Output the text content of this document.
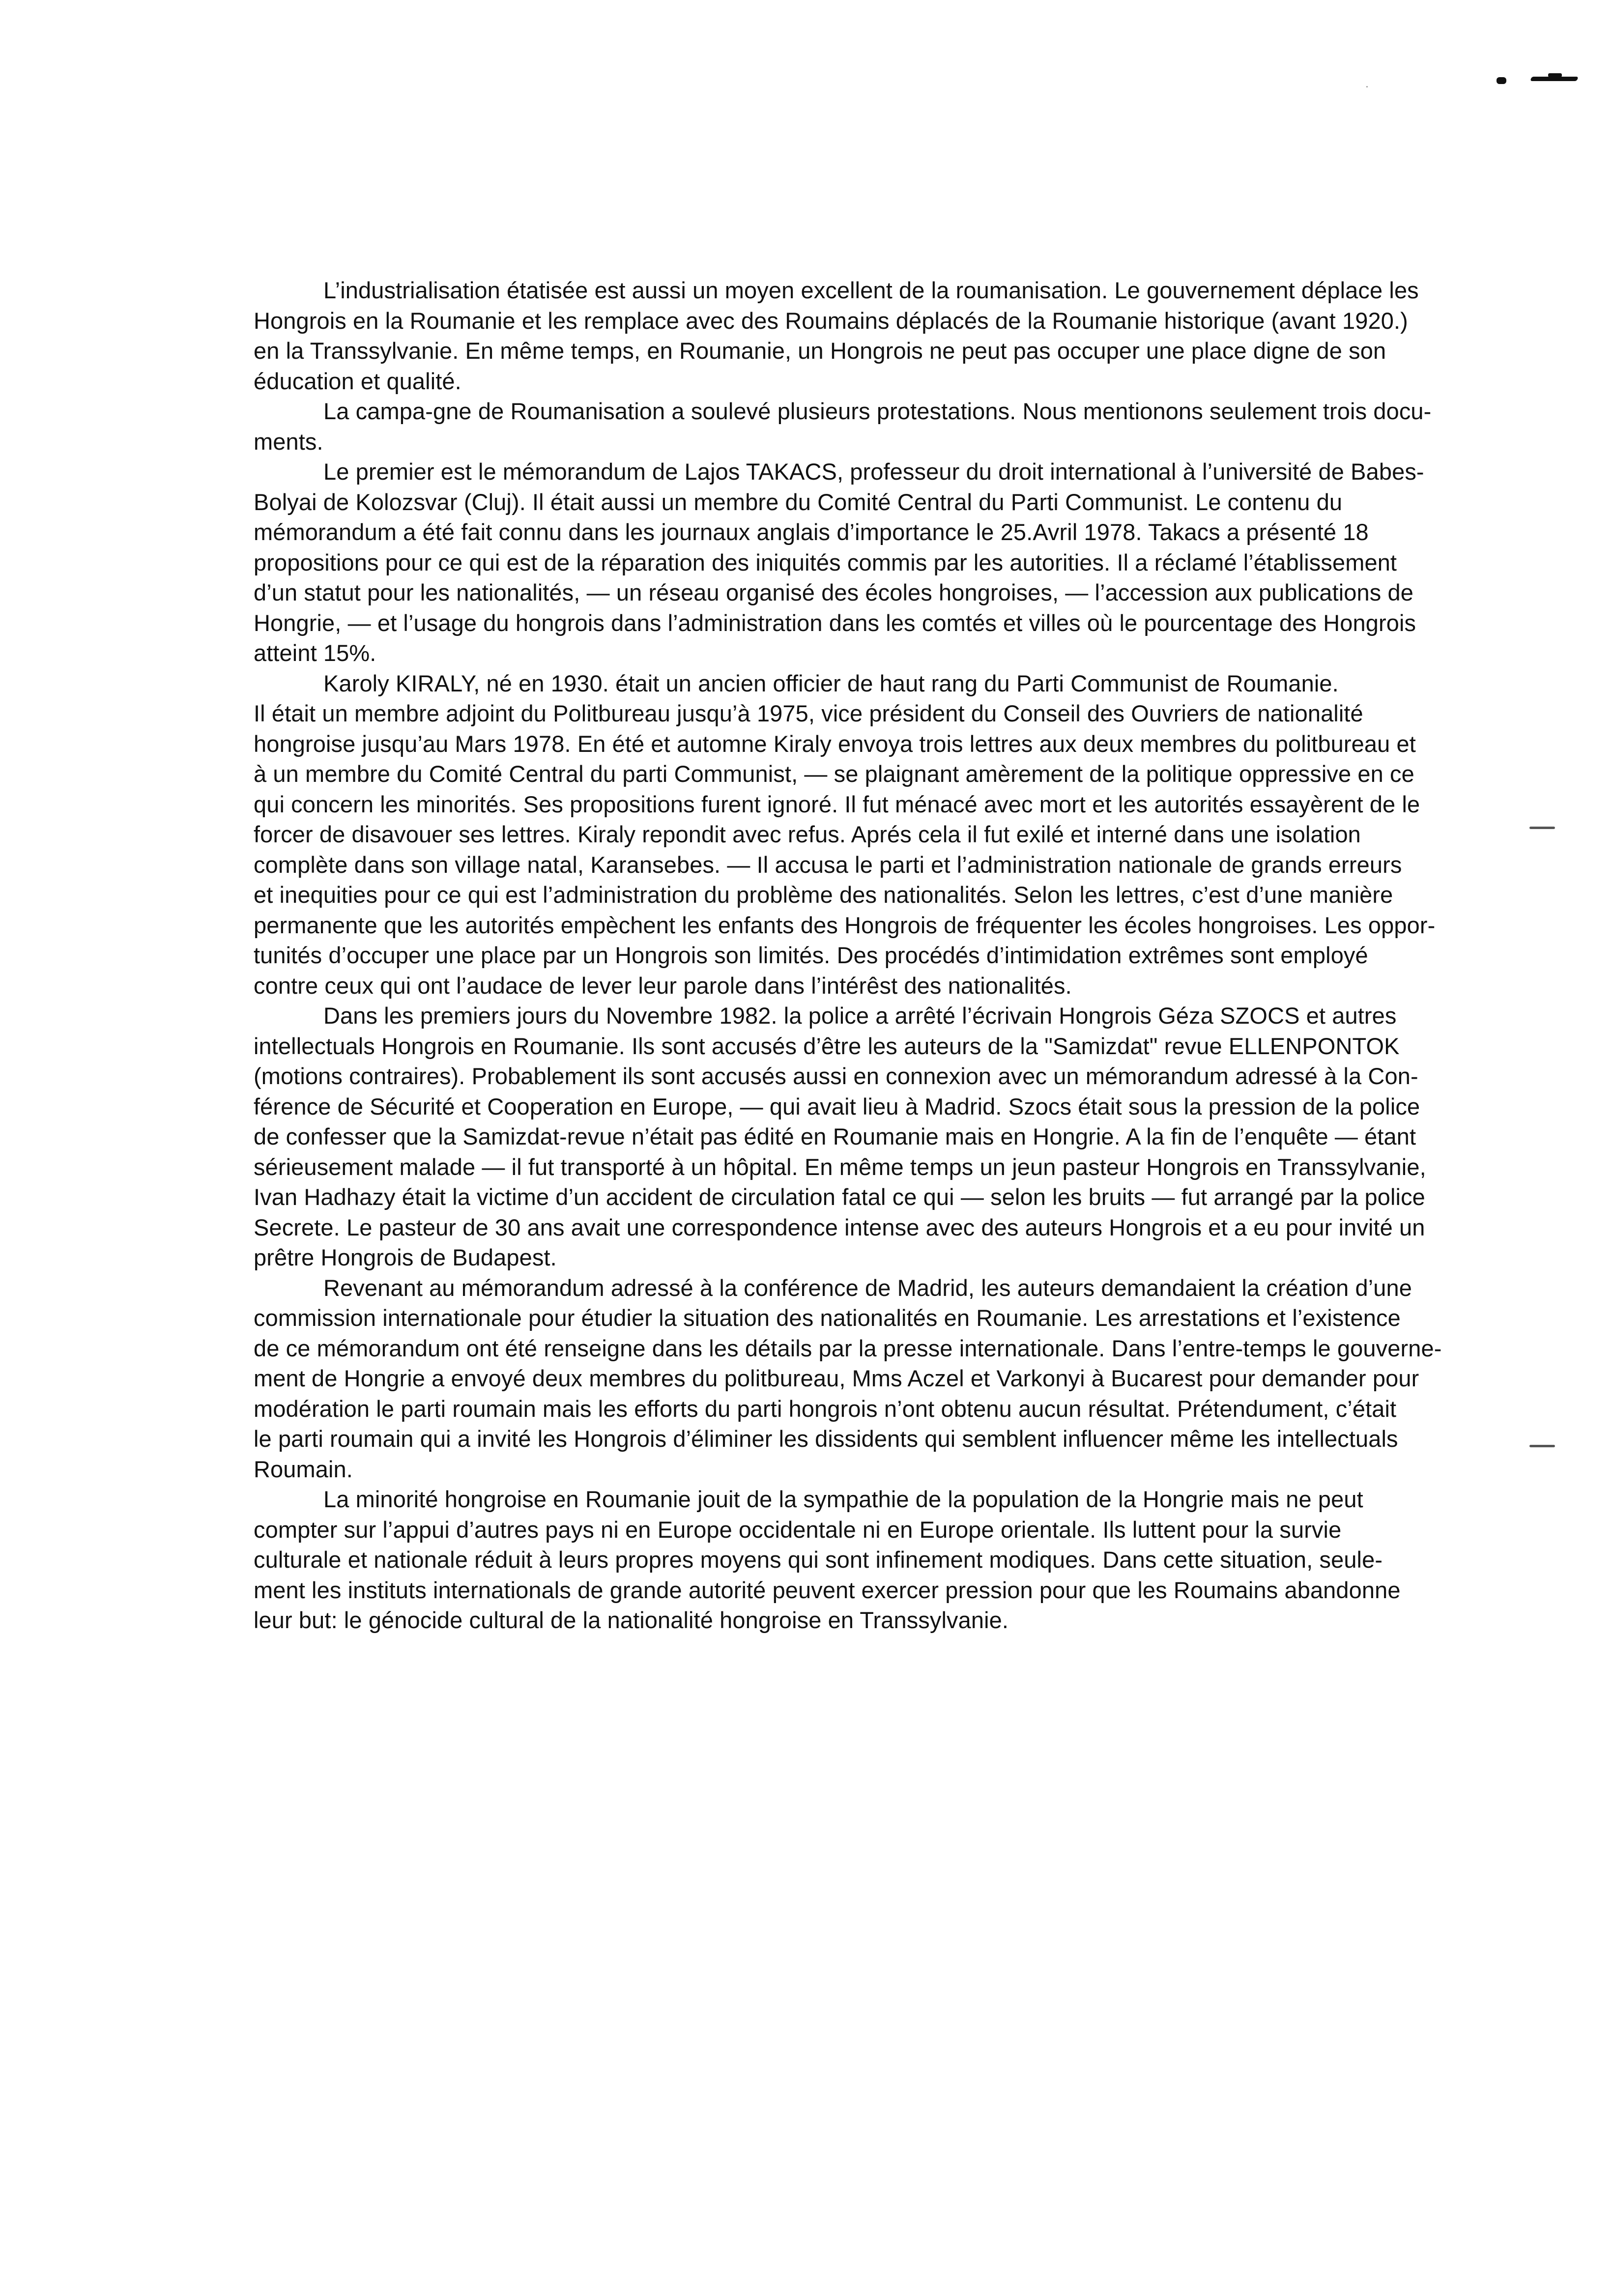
L’industrialisation étatisée est aussi un moyen excellent de la roumanisation. Le gouvernement déplace les
Hongrois en la Roumanie et les remplace avec des Roumains déplacés de la Roumanie historique (avant 1920.)
en la Transsylvanie. En même temps, en Roumanie, un Hongrois ne peut pas occuper une place digne de son
éducation et qualité.

La campa-gne de Roumanisation a soulevé plusieurs protestations. Nous mentionons seulement trois docu-
ments.

Le premier est le mémorandum de Lajos TAKACS, professeur du droit international à l’université de Babes-
Bolyai de Kolozsvar (Cluj). Il était aussi un membre du Comité Central du Parti Communist. Le contenu du
mémorandum a été fait connu dans les journaux anglais d’importance le 25.Avril 1978. Takacs a présenté 18
propositions pour ce qui est de la réparation des iniquités commis par les autorities. Il a réclamé l’établissement
d’un statut pour les nationalités, — un réseau organisé des écoles hongroises, — l’accession aux publications de
Hongrie, — et l’usage du hongrois dans l’administration dans les comtés et villes où le pourcentage des Hongrois
atteint 15%.

Karoly KIRALY, né en 1930. était un ancien officier de haut rang du Parti Communist de Roumanie.
Il était un membre adjoint du Politbureau jusqu’à 1975, vice président du Conseil des Ouvriers de nationalité
hongroise jusqu’au Mars 1978. En été et automne Kiraly envoya trois lettres aux deux membres du politbureau et
à un membre du Comité Central du parti Communist, — se plaignant amèrement de la politique oppressive en ce
qui concern les minorités. Ses propositions furent ignoré. Il fut ménacé avec mort et les autorités essayèrent de le
forcer de disavouer ses lettres. Kiraly repondit avec refus. Aprés cela il fut exilé et interné dans une isolation
complète dans son village natal, Karansebes. — Il accusa le parti et l’administration nationale de grands erreurs
et inequities pour ce qui est l’administration du problème des nationalités. Selon les lettres, c’est d’une manière
permanente que les autorités empèchent les enfants des Hongrois de fréquenter les écoles hongroises. Les oppor-
tunités d’occuper une place par un Hongrois son limités. Des procédés d’intimidation extrêmes sont employé
contre ceux qui ont l’audace de lever leur parole dans l’intérêst des nationalités.

Dans les premiers jours du Novembre 1982. la police a arrêté l’écrivain Hongrois Géza SZOCS et autres
intellectuals Hongrois en Roumanie. Ils sont accusés d’être les auteurs de la "Samizdat" revue ELLENPONTOK
(motions contraires). Probablement ils sont accusés aussi en connexion avec un mémorandum adressé à la Con-
férence de Sécurité et Cooperation en Europe, — qui avait lieu à Madrid. Szocs était sous la pression de la police
de confesser que la Samizdat-revue n’était pas édité en Roumanie mais en Hongrie. A la fin de l’enquête — étant
sérieusement malade — il fut transporté à un hôpital. En même temps un jeun pasteur Hongrois en Transsylvanie,
Ivan Hadhazy était la victime d’un accident de circulation fatal ce qui — selon les bruits — fut arrangé par la police
Secrete. Le pasteur de 30 ans avait une correspondence intense avec des auteurs Hongrois et a eu pour invité un
prêtre Hongrois de Budapest.

Revenant au mémorandum adressé à la conférence de Madrid, les auteurs demandaient la création d’une
commission internationale pour étudier la situation des nationalités en Roumanie. Les arrestations et l’existence
de ce mémorandum ont été renseigne dans les détails par la presse internationale. Dans l’entre-temps le gouverne-
ment de Hongrie a envoyé deux membres du politbureau, Mms Aczel et Varkonyi à Bucarest pour demander pour
modération le parti roumain mais les efforts du parti hongrois n’ont obtenu aucun résultat. Prétendument, c’était
le parti roumain qui a invité les Hongrois d’éliminer les dissidents qui semblent influencer même les intellectuals
Roumain.

La minorité hongroise en Roumanie jouit de la sympathie de la population de la Hongrie mais ne peut
compter sur l’appui d’autres pays ni en Europe occidentale ni en Europe orientale. Ils luttent pour la survie
culturale et nationale réduit à leurs propres moyens qui sont infinement modiques. Dans cette situation, seule-
ment les instituts internationals de grande autorité peuvent exercer pression pour que les Roumains abandonne
leur but: le génocide cultural de la nationalité hongroise en Transsylvanie.
